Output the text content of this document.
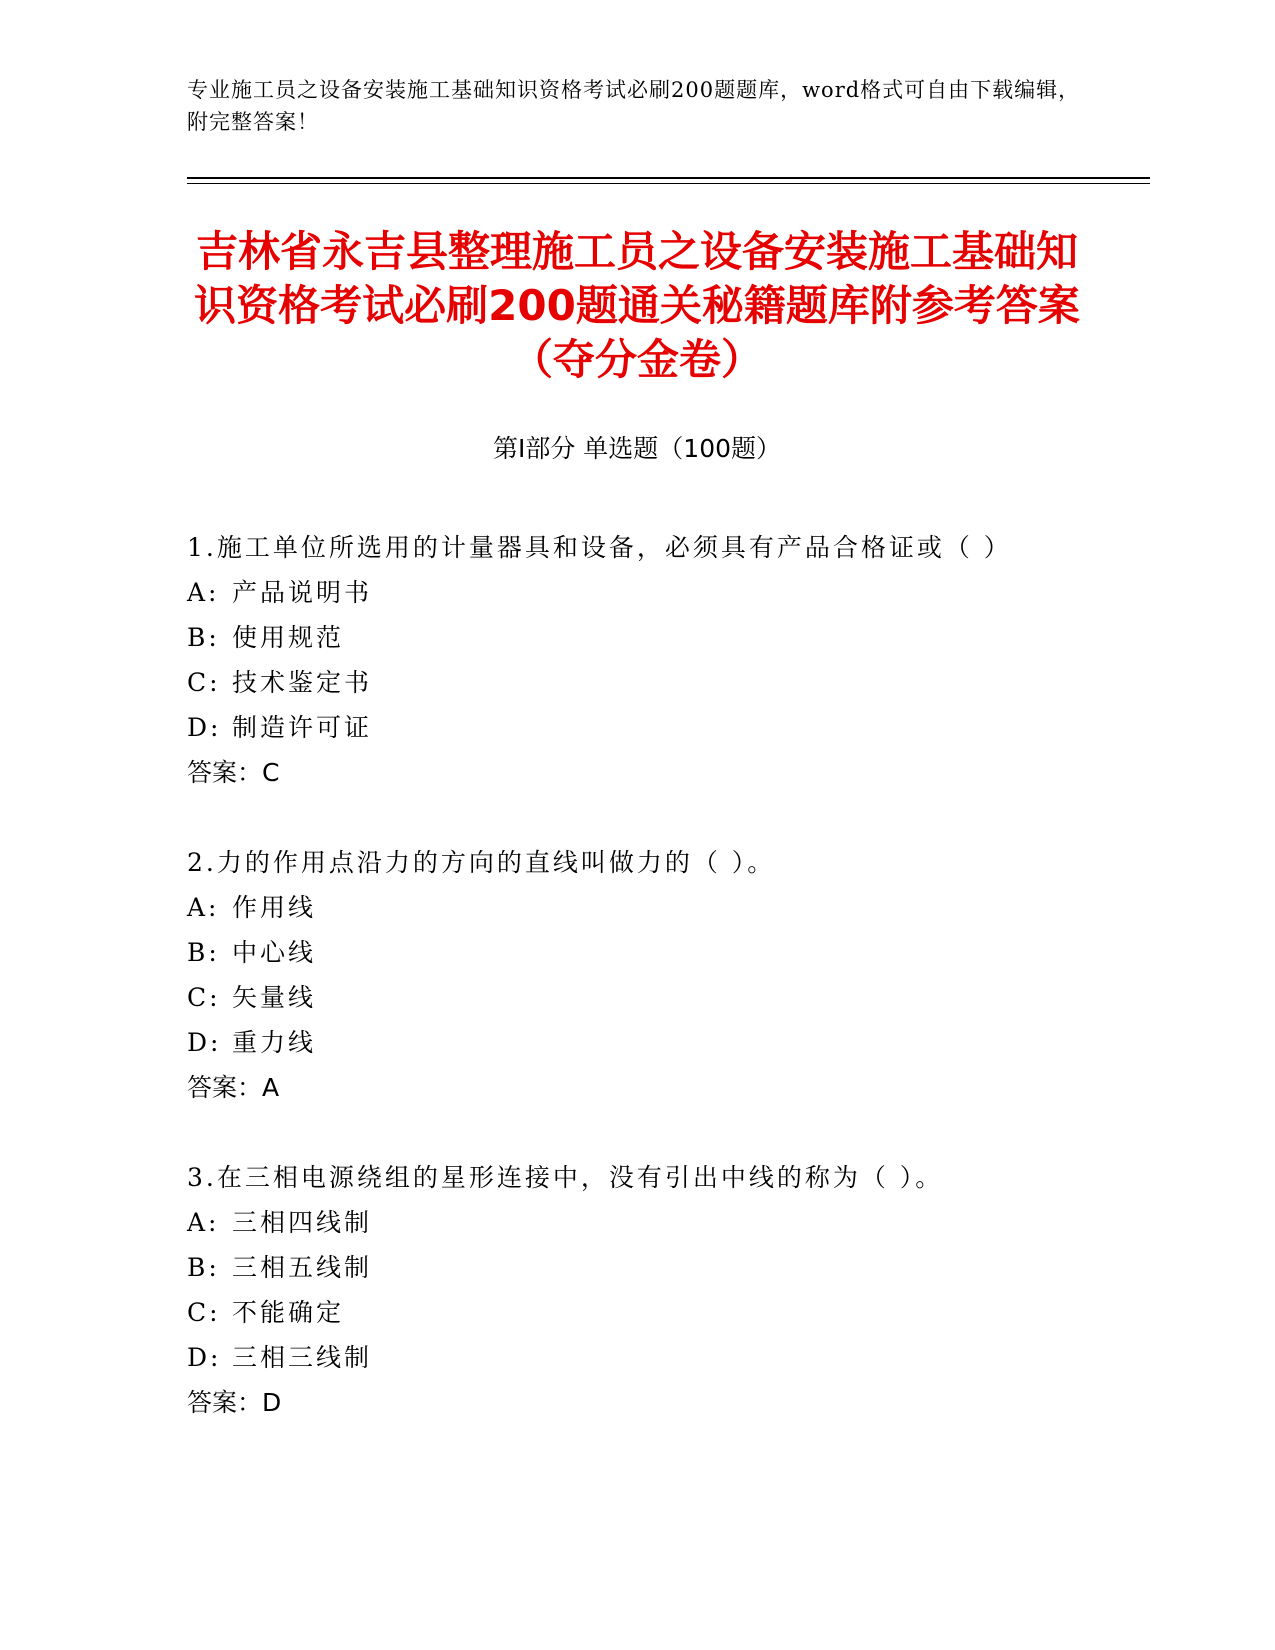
专业施工员之设备安装施工基础知识资格考试必刷200题题库，word格式可自由下载编辑，附完整答案！
吉林省永吉县整理施工员之设备安装施工基础知识资格考试必刷200题通关秘籍题库附参考答案（夺分金卷）
第Ⅰ部分 单选题（100题）
1.施工单位所选用的计量器具和设备，必须具有产品合格证或（ ）
A: 产品说明书
B: 使用规范
C: 技术鉴定书
D: 制造许可证
答案：C
2.力的作用点沿力的方向的直线叫做力的（ ）。
A: 作用线
B: 中心线
C: 矢量线
D: 重力线
答案：A
3.在三相电源绕组的星形连接中，没有引出中线的称为（ ）。
A: 三相四线制
B: 三相五线制
C: 不能确定
D: 三相三线制
答案：D
